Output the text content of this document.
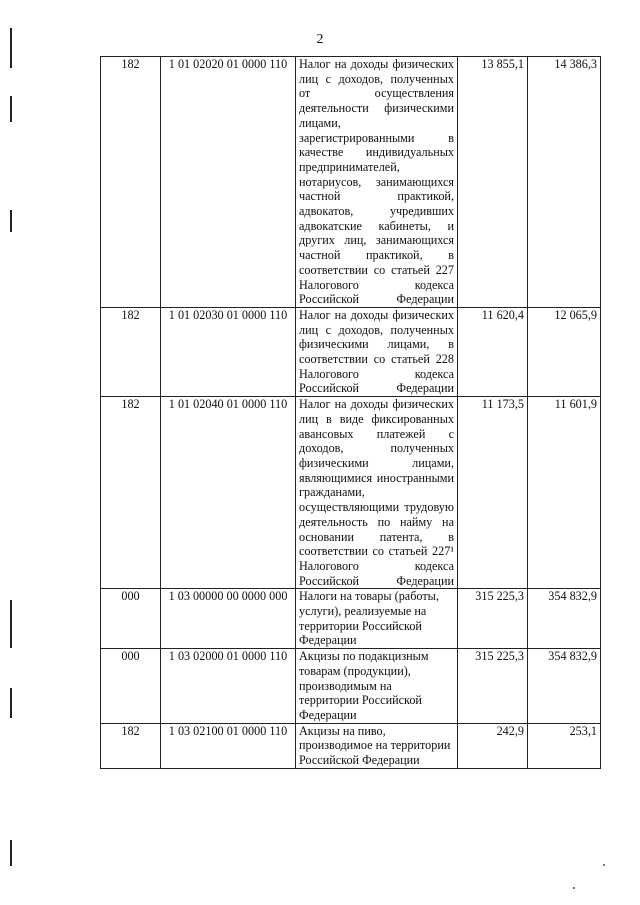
2
182	1 01 02020 01 0000 110	Налог на доходы физических лиц с доходов, полученных от осуществления деятельности физическими лицами, зарегистрированными в качестве индивидуальных предпринимателей, нотариусов, занимающихся частной практикой, адвокатов, учредивших адвокатские кабинеты, и других лиц, занимающихся частной практикой, в соответствии со статьей 227 Налогового кодекса Российской Федерации	13 855,1	14 386,3
182	1 01 02030 01 0000 110	Налог на доходы физических лиц с доходов, полученных физическими лицами, в соответствии со статьей 228 Налогового кодекса Российской Федерации	11 620,4	12 065,9
182	1 01 02040 01 0000 110	Налог на доходы физических лиц в виде фиксированных авансовых платежей с доходов, полученных физическими лицами, являющимися иностранными гражданами, осуществляющими трудовую деятельность по найму на основании патента, в соответствии со статьей 227¹ Налогового кодекса Российской Федерации	11 173,5	11 601,9
000	1 03 00000 00 0000 000	Налоги на товары (работы, услуги), реализуемые на территории Российской Федерации	315 225,3	354 832,9
000	1 03 02000 01 0000 110	Акцизы по подакцизным товарам (продукции), производимым на территории Российской Федерации	315 225,3	354 832,9
182	1 03 02100 01 0000 110	Акцизы на пиво, производимое на территории Российской Федерации	242,9	253,1
